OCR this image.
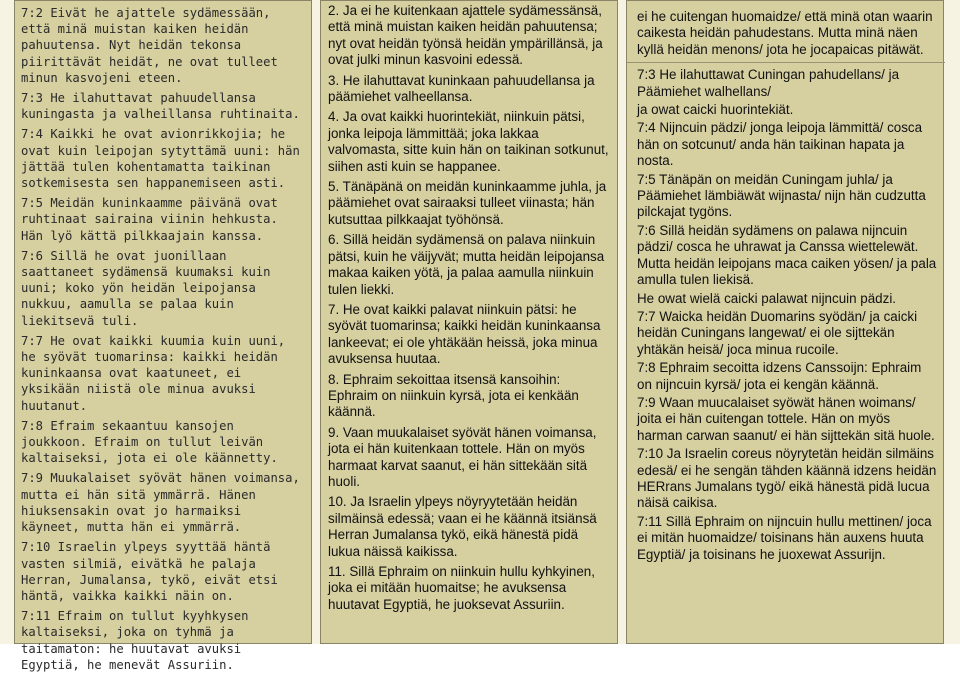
7:2 Eivät he ajattele sydämessään, että minä muistan kaiken heidän pahuutensa. Nyt heidän tekonsa piirittävät heidät, ne ovat tulleet minun kasvojeni eteen.
7:3 He ilahuttavat pahuudellansa kuningasta ja valheillansa ruhtinaita.
7:4 Kaikki he ovat avionrikkojia; he ovat kuin leipojan sytyttämä uuni: hän jättää tulen kohentamatta taikinan sotkemisesta sen happanemiseen asti.
7:5 Meidän kuninkaamme päivänä ovat ruhtinaat sairaina viinin hehkusta. Hän lyö kättä pilkkaajain kanssa.
7:6 Sillä he ovat juonillaan saattaneet sydämensä kuumaksi kuin uuni; koko yön heidän leipojansa nukkuu, aamulla se palaa kuin liekitsevä tuli.
7:7 He ovat kaikki kuumia kuin uuni, he syövät tuomarinsa: kaikki heidän kuninkaansa ovat kaatuneet, ei yksikään niistä ole minua avuksi huutanut.
7:8 Efraim sekaantuu kansojen joukkoon. Efraim on tullut leivän kaltaiseksi, jota ei ole käännetty.
7:9 Muukalaiset syövät hänen voimansa, mutta ei hän sitä ymmärrä. Hänen hiuksensakin ovat jo harmaiksi käyneet, mutta hän ei ymmärrä.
7:10 Israelin ylpeys syyttää häntä vasten silmiä, eivätkä he palaja Herran, Jumalansa, tykö, eivät etsi häntä, vaikka kaikki näin on.
7:11 Efraim on tullut kyyhkysen kaltaiseksi, joka on tyhmä ja taitamaton: he huutavat avuksi Egyptiä, he menevät Assuriin.
2. Ja ei he kuitenkaan ajattele sydämessänsä, että minä muistan kaiken heidän pahuutensa; nyt ovat heidän työnsä heidän ympärillänsä, ja ovat julki minun kasvoini edessä.
3. He ilahuttavat kuninkaan pahuudellansa ja päämiehet valheellansa.
4. Ja ovat kaikki huorintekiät, niinkuin pätsi, jonka leipoja lämmittää; joka lakkaa valvomasta, sitte kuin hän on taikinan sotkunut, siihen asti kuin se happanee.
5. Tänäpänä on meidän kuninkaamme juhla, ja päämiehet ovat sairaaksi tulleet viinasta; hän kutsuttaa pilkkaajat työhönsä.
6. Sillä heidän sydämensä on palava niinkuin pätsi, kuin he väijyvät; mutta heidän leipojansa makaa kaiken yötä, ja palaa aamulla niinkuin tulen liekki.
7. He ovat kaikki palavat niinkuin pätsi: he syövät tuomarinsa; kaikki heidän kuninkaansa lankeevat; ei ole yhtäkään heissä, joka minua avuksensa huutaa.
8. Ephraim sekoittaa itsensä kansoihin: Ephraim on niinkuin kyrsä, jota ei kenkään käännä.
9. Vaan muukalaiset syövät hänen voimansa, jota ei hän kuitenkaan tottele. Hän on myös harmaat karvat saanut, ei hän sittekään sitä huoli.
10. Ja Israelin ylpeys nöyryytetään heidän silmäinsä edessä; vaan ei he käännä itsiänsä Herran Jumalansa tykö, eikä hänestä pidä lukua näissä kaikissa.
11. Sillä Ephraim on niinkuin hullu kyhkyinen, joka ei mitään huomaitse; he avuksensa huutavat Egyptiä, he juoksevat Assuriin.
ei he cuitengan huomaidze/ että minä otan waarin caikesta heidän pahudestans. Mutta minä näen kyllä heidän menons/ jota he jocapaicas pitäwät.
7:3 He ilahuttawat Cuningan pahudellans/ ja Päämiehet walhellans/
ja owat caicki huorintekiät.
7:4 Nijncuin pädzi/ jonga leipoja lämmittä/ cosca hän on sotcunut/ anda hän taikinan hapata ja nosta.
7:5 Tänäpän on meidän Cuningam juhla/ ja Päämiehet lämbiäwät wijnasta/ nijn hän cudzutta pilckajat tygöns.
7:6 Sillä heidän sydämens on palawa nijncuin pädzi/ cosca he uhrawat ja Canssa wiettelewät. Mutta heidän leipojans maca caiken yösen/ ja pala amulla tulen liekisä.
He owat wielä caicki palawat nijncuin pädzi.
7:7 Waicka heidän Duomarins syödän/ ja caicki heidän Cuningans langewat/ ei ole sijttekän yhtäkän heisä/ joca minua rucoile.
7:8 Ephraim secoitta idzens Canssoijn: Ephraim on nijncuin kyrsä/ jota ei kengän käännä.
7:9 Waan muucalaiset syöwät hänen woimans/ joita ei hän cuitengan tottele. Hän on myös harman carwan saanut/ ei hän sijttekän sitä huole.
7:10 Ja Israelin coreus nöyrytetän heidän silmäins edesä/ ei he sengän tähden käännä idzens heidän HERrans Jumalans tygö/ eikä hänestä pidä lucua näisä caikisa.
7:11 Sillä Ephraim on nijncuin hullu mettinen/ joca ei mitän huomaidze/ toisinans hän auxens huuta Egyptiä/ ja toisinans he juoxewat Assurijn.
